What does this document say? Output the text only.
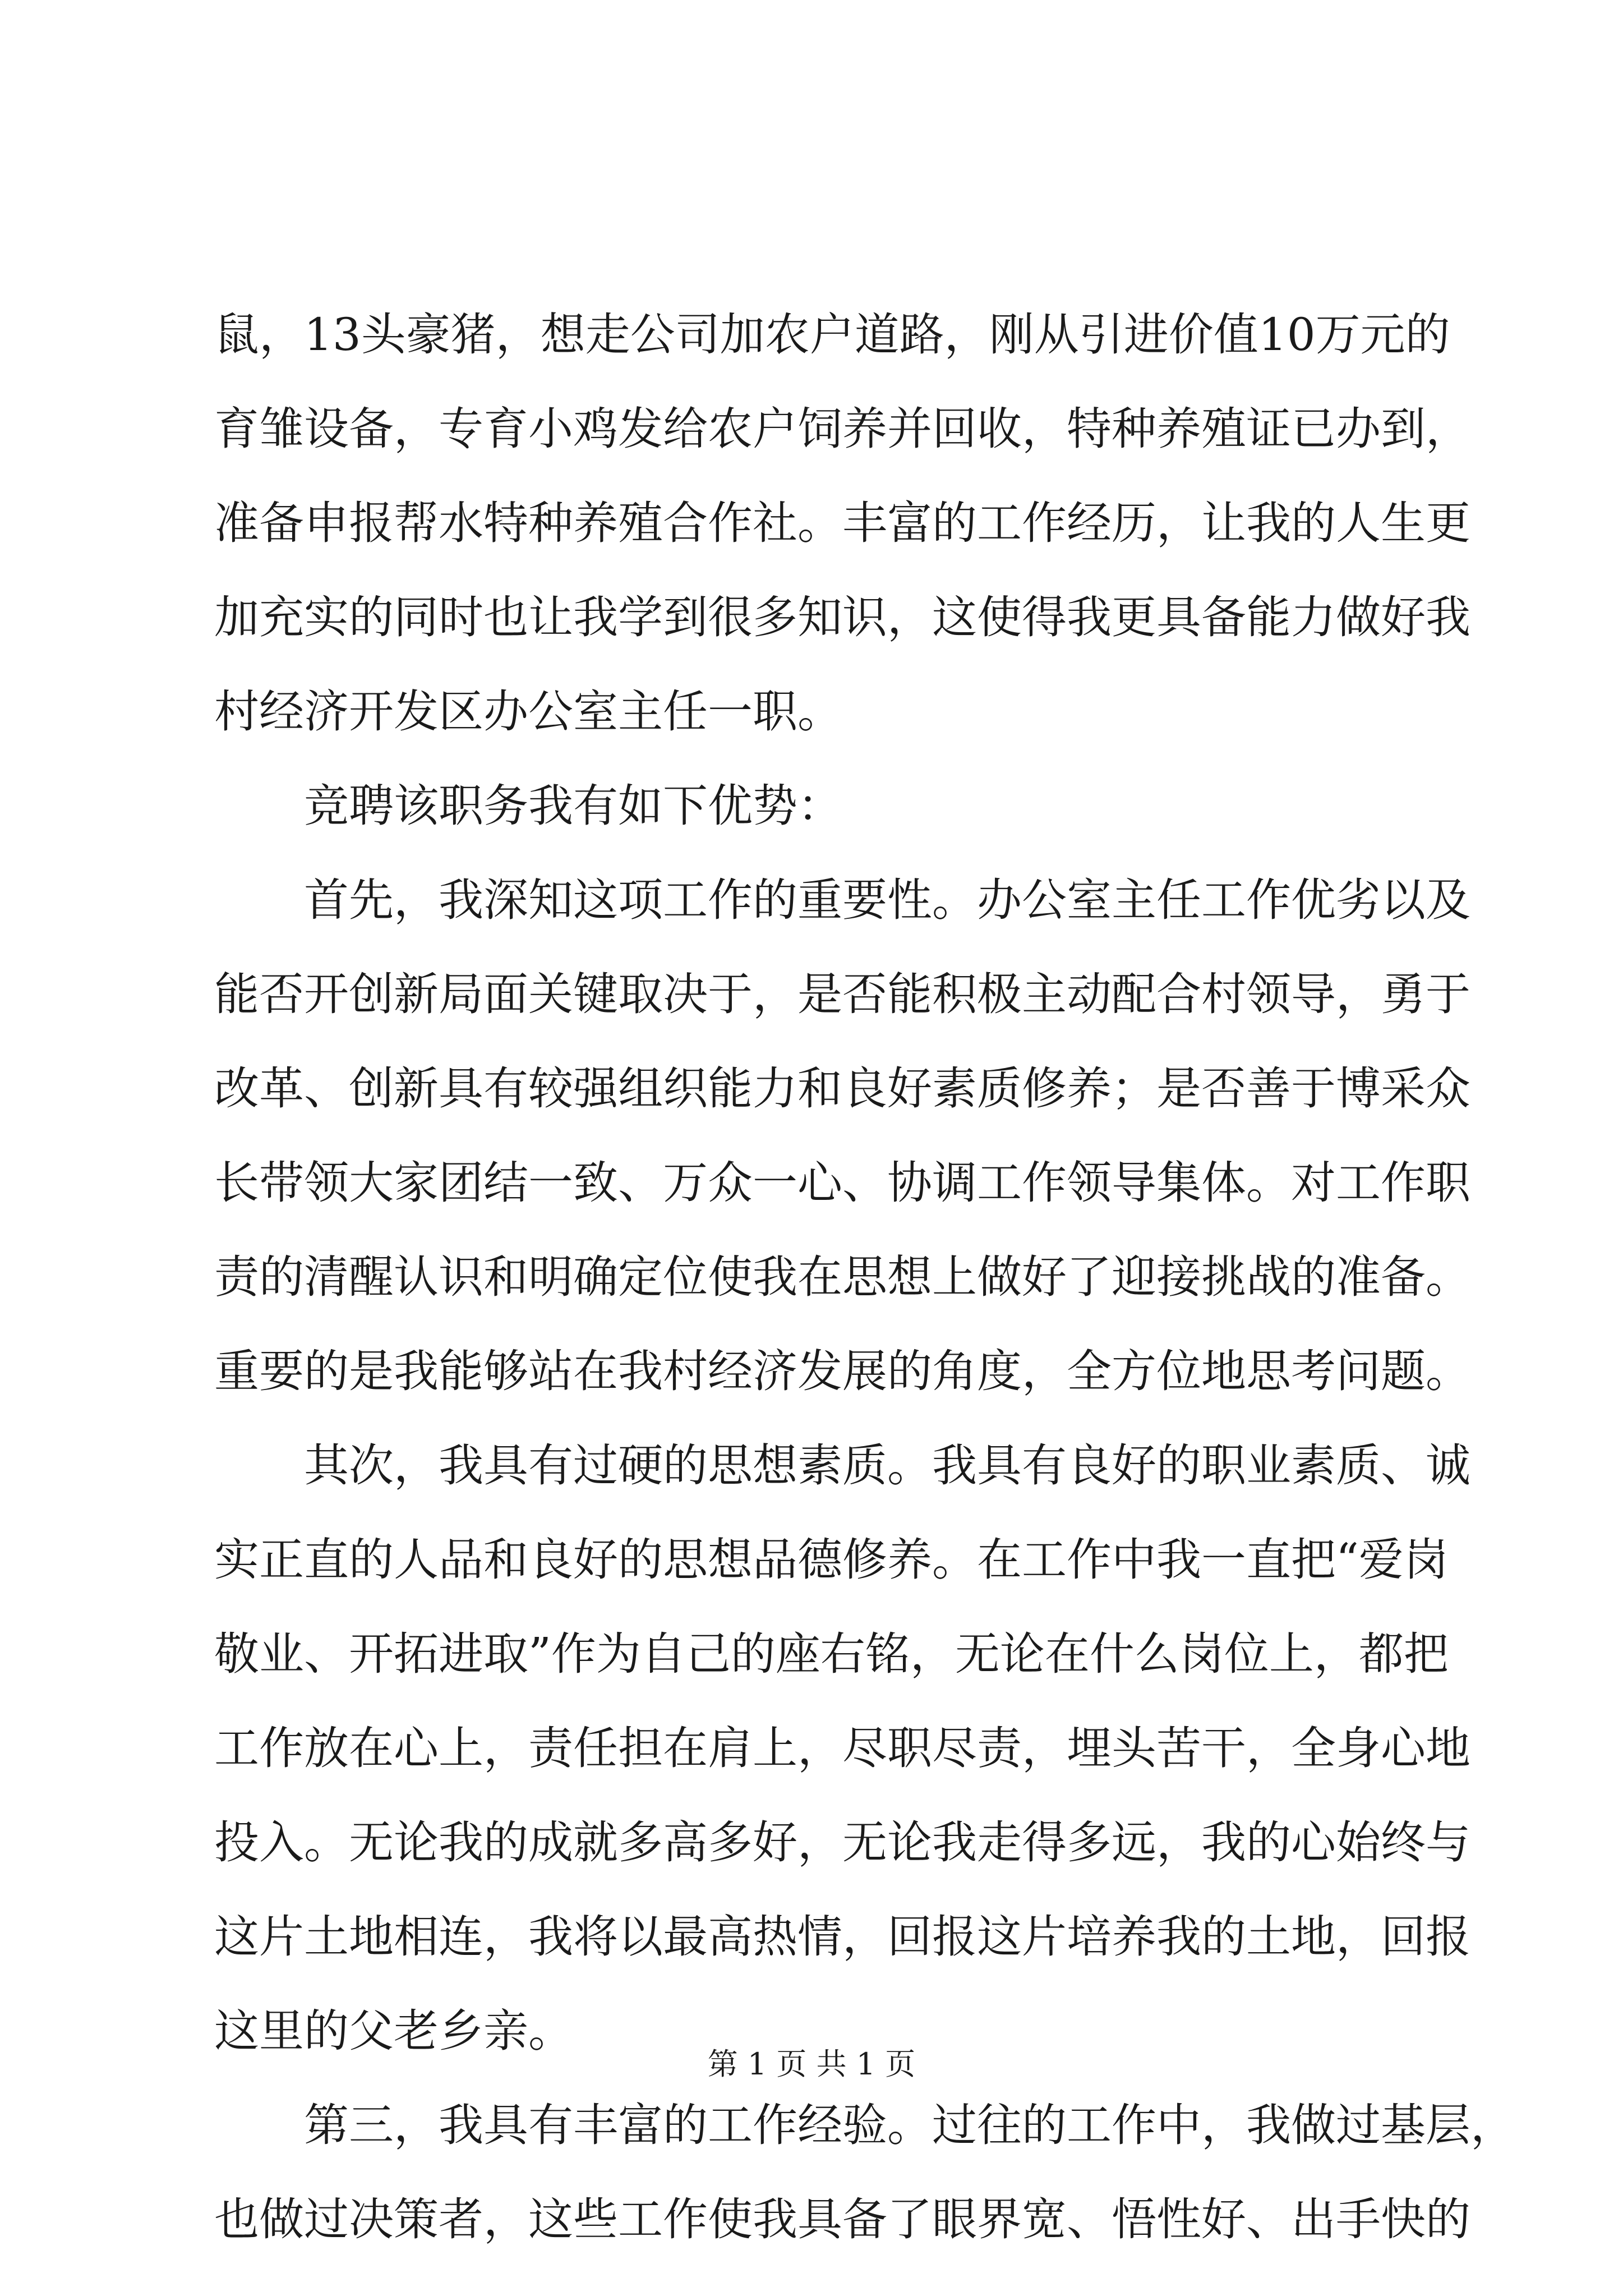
鼠，13头豪猪，想走公司加农户道路，刚从引进价值10万元的

育雏设备，专育小鸡发给农户饲养并回收，特种养殖证已办到，

准备申报帮水特种养殖合作社。丰富的工作经历，让我的人生更

加充实的同时也让我学到很多知识，这使得我更具备能力做好我

村经济开发区办公室主任一职。

竞聘该职务我有如下优势：

首先，我深知这项工作的重要性。办公室主任工作优劣以及

能否开创新局面关键取决于，是否能积极主动配合村领导，勇于

改革、创新具有较强组织能力和良好素质修养；是否善于博采众

长带领大家团结一致、万众一心、协调工作领导集体。对工作职

责的清醒认识和明确定位使我在思想上做好了迎接挑战的准备。

重要的是我能够站在我村经济发展的角度，全方位地思考问题。

其次，我具有过硬的思想素质。我具有良好的职业素质、诚

实正直的人品和良好的思想品德修养。在工作中我一直把“爱岗

敬业、开拓进取”作为自己的座右铭，无论在什么岗位上，都把

工作放在心上，责任担在肩上，尽职尽责，埋头苦干，全身心地

投入。无论我的成就多高多好，无论我走得多远，我的心始终与

这片土地相连，我将以最高热情，回报这片培养我的土地，回报

这里的父老乡亲。

第三，我具有丰富的工作经验。过往的工作中，我做过基层，

也做过决策者，这些工作使我具备了眼界宽、悟性好、出手快的

第 1 页 共 1 页
